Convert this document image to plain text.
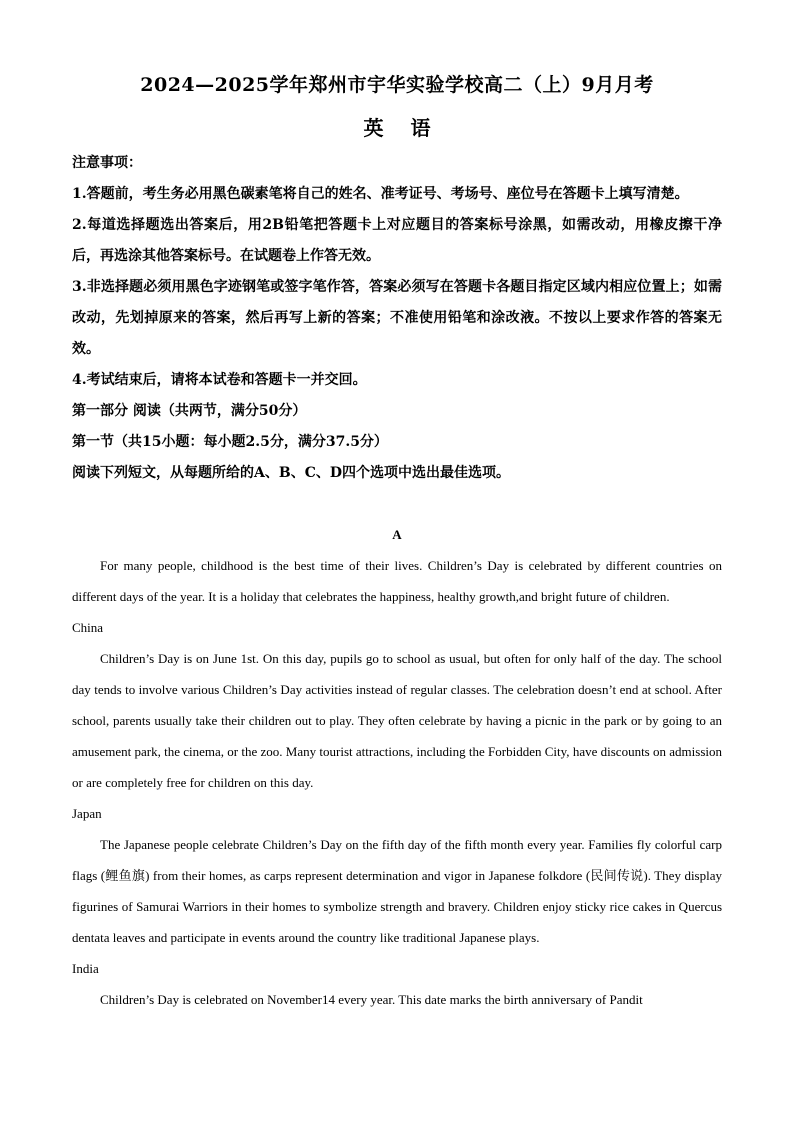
2024—2025学年郑州市宇华实验学校高二（上）9月月考
英 语

注意事项：

1.答题前，考生务必用黑色碳素笔将自己的姓名、准考证号、考场号、座位号在答题卡上填写清楚。

2.每道选择题选出答案后，用2B铅笔把答题卡上对应题目的答案标号涂黑，如需改动，用橡皮擦干净后，再选涂其他答案标号。在试题卷上作答无效。

3.非选择题必须用黑色字迹钢笔或签字笔作答，答案必须写在答题卡各题目指定区域内相应位置上；如需改动，先划掉原来的答案，然后再写上新的答案；不准使用铅笔和涂改液。不按以上要求作答的答案无效。

4.考试结束后，请将本试卷和答题卡一并交回。

第一部分 阅读（共两节，满分50分）

第一节（共15小题：每小题2.5分，满分37.5分）

阅读下列短文，从每题所给的A、B、C、D四个选项中选出最佳选项。

A

For many people, childhood is the best time of their lives. Children’s Day is celebrated by different countries on different days of the year. It is a holiday that celebrates the happiness, healthy growth,and bright future of children.

China

Children’s Day is on June 1st. On this day, pupils go to school as usual, but often for only half of the day. The school day tends to involve various Children’s Day activities instead of regular classes. The celebration doesn’t end at school. After school, parents usually take their children out to play. They often celebrate by having a picnic in the park or by going to an amusement park, the cinema, or the zoo. Many tourist attractions, including the Forbidden City, have discounts on admission or are completely free for children on this day.

Japan

The Japanese people celebrate Children’s Day on the fifth day of the fifth month every year. Families fly colorful carp flags (鲤鱼旗) from their homes, as carps represent determination and vigor in Japanese folkdore (民间传说). They display figurines of Samurai Warriors in their homes to symbolize strength and bravery. Children enjoy sticky rice cakes in Quercus dentata leaves and participate in events around the country like traditional Japanese plays.

India

Children’s Day is celebrated on November14 every year. This date marks the birth anniversary of Pandit
